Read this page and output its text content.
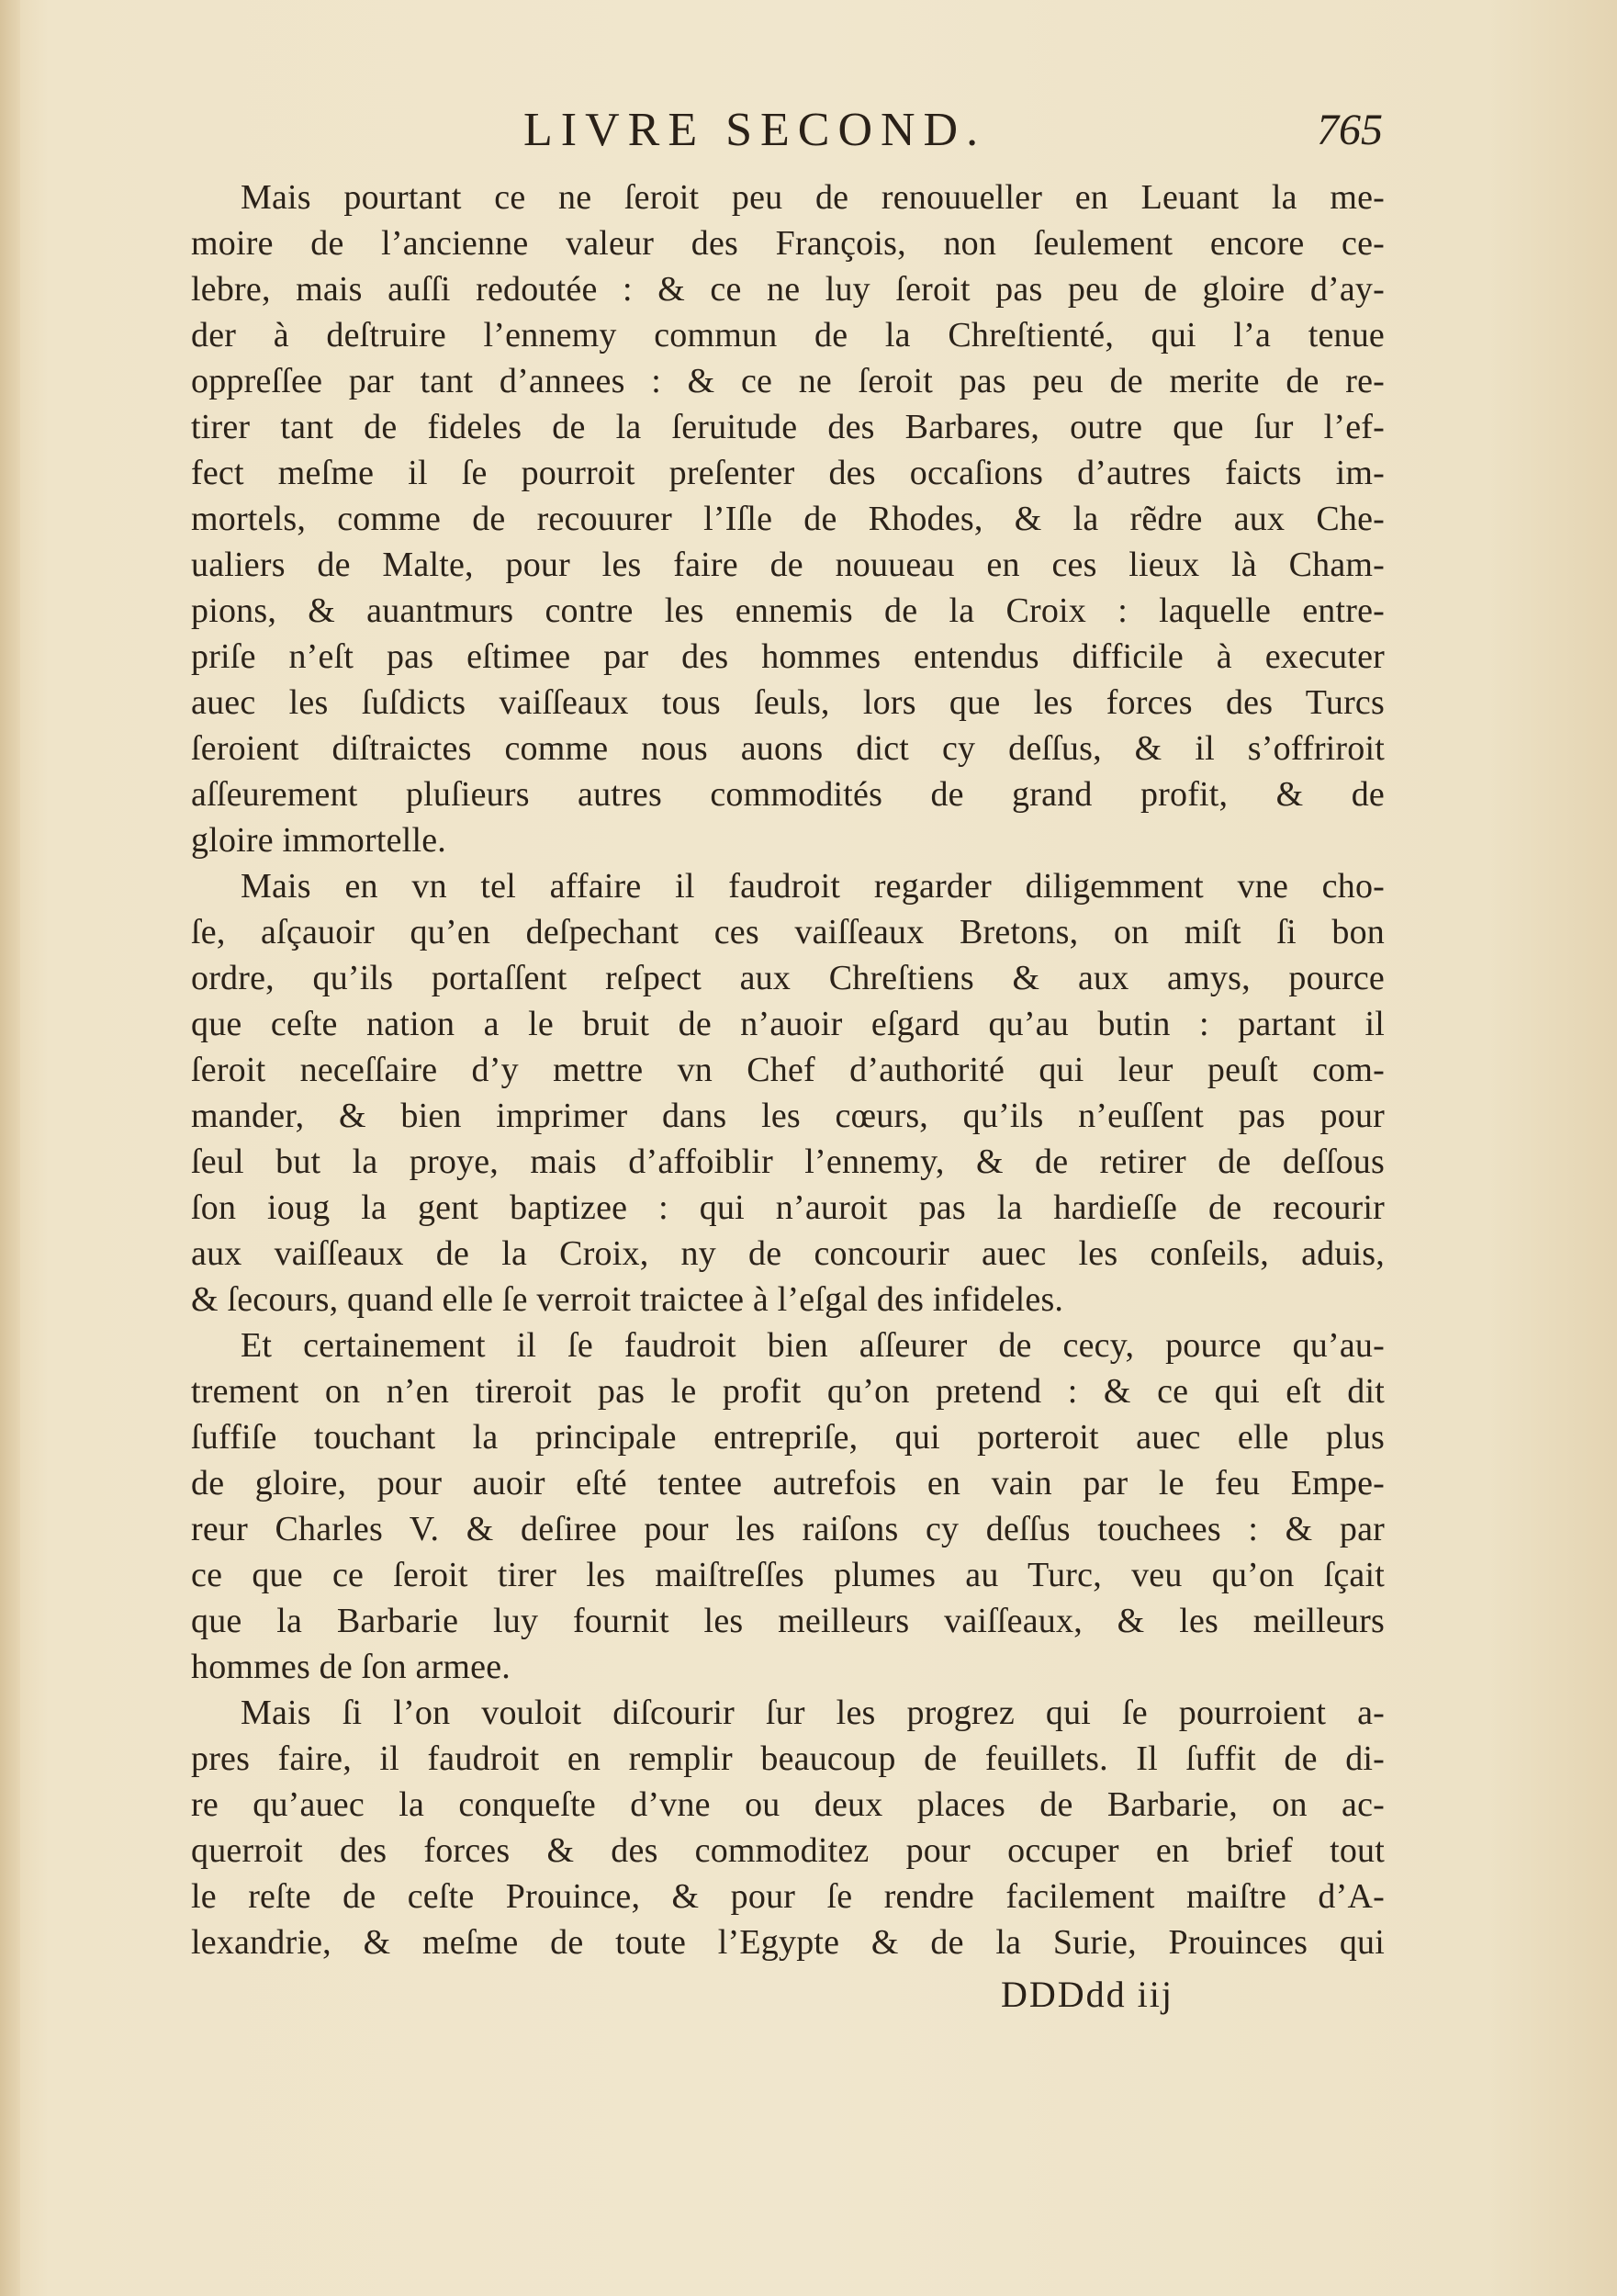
LIVRE SECOND.	765
Mais pourtant ce ne ſeroit peu de renouueller en Leuant la me-
moire de l’ancienne valeur des François, non ſeulement encore ce-
lebre, mais auſſi redoutée : & ce ne luy ſeroit pas peu de gloire d’ay-
der à deſtruire l’ennemy commun de la Chreſtienté, qui l’a tenue
oppreſſee par tant d’annees : & ce ne ſeroit pas peu de merite de re-
tirer tant de fideles de la ſeruitude des Barbares, outre que ſur l’ef-
fect meſme il ſe pourroit preſenter des occaſions d’autres faicts im-
mortels, comme de recouurer l’Iſle de Rhodes, & la rẽdre aux Che-
ualiers de Malte, pour les faire de nouueau en ces lieux là Cham-
pions, & auantmurs contre les ennemis de la Croix : laquelle entre-
priſe n’eſt pas eſtimee par des hommes entendus difficile à executer
auec les ſuſdicts vaiſſeaux tous ſeuls, lors que les forces des Turcs
ſeroient diſtraictes comme nous auons dict cy deſſus, & il s’offriroit
aſſeurement pluſieurs autres commodités de grand profit, & de
gloire immortelle.
Mais en vn tel affaire il faudroit regarder diligemment vne cho-
ſe, aſçauoir qu’en deſpechant ces vaiſſeaux Bretons, on miſt ſi bon
ordre, qu’ils portaſſent reſpect aux Chreſtiens & aux amys, pource
que ceſte nation a le bruit de n’auoir eſgard qu’au butin : partant il
ſeroit neceſſaire d’y mettre vn Chef d’authorité qui leur peuſt com-
mander, & bien imprimer dans les cœurs, qu’ils n’euſſent pas pour
ſeul but la proye, mais d’affoiblir l’ennemy, & de retirer de deſſous
ſon ioug la gent baptizee : qui n’auroit pas la hardieſſe de recourir
aux vaiſſeaux de la Croix, ny de concourir auec les conſeils, aduis,
& ſecours, quand elle ſe verroit traictee à l’eſgal des infideles.
Et certainement il ſe faudroit bien aſſeurer de cecy, pource qu’au-
trement on n’en tireroit pas le profit qu’on pretend : & ce qui eſt dit
ſuffiſe touchant la principale entrepriſe, qui porteroit auec elle plus
de gloire, pour auoir eſté tentee autrefois en vain par le feu Empe-
reur Charles V. & deſiree pour les raiſons cy deſſus touchees : & par
ce que ce ſeroit tirer les maiſtreſſes plumes au Turc, veu qu’on ſçait
que la Barbarie luy fournit les meilleurs vaiſſeaux, & les meilleurs
hommes de ſon armee.
Mais ſi l’on vouloit diſcourir ſur les progrez qui ſe pourroient a-
pres faire, il faudroit en remplir beaucoup de feuillets. Il ſuffit de di-
re qu’auec la conqueſte d’vne ou deux places de Barbarie, on ac-
querroit des forces & des commoditez pour occuper en brief tout
le reſte de ceſte Prouince, & pour ſe rendre facilement maiſtre d’A-
lexandrie, & meſme de toute l’Egypte & de la Surie, Prouinces qui
DDDdd iij
